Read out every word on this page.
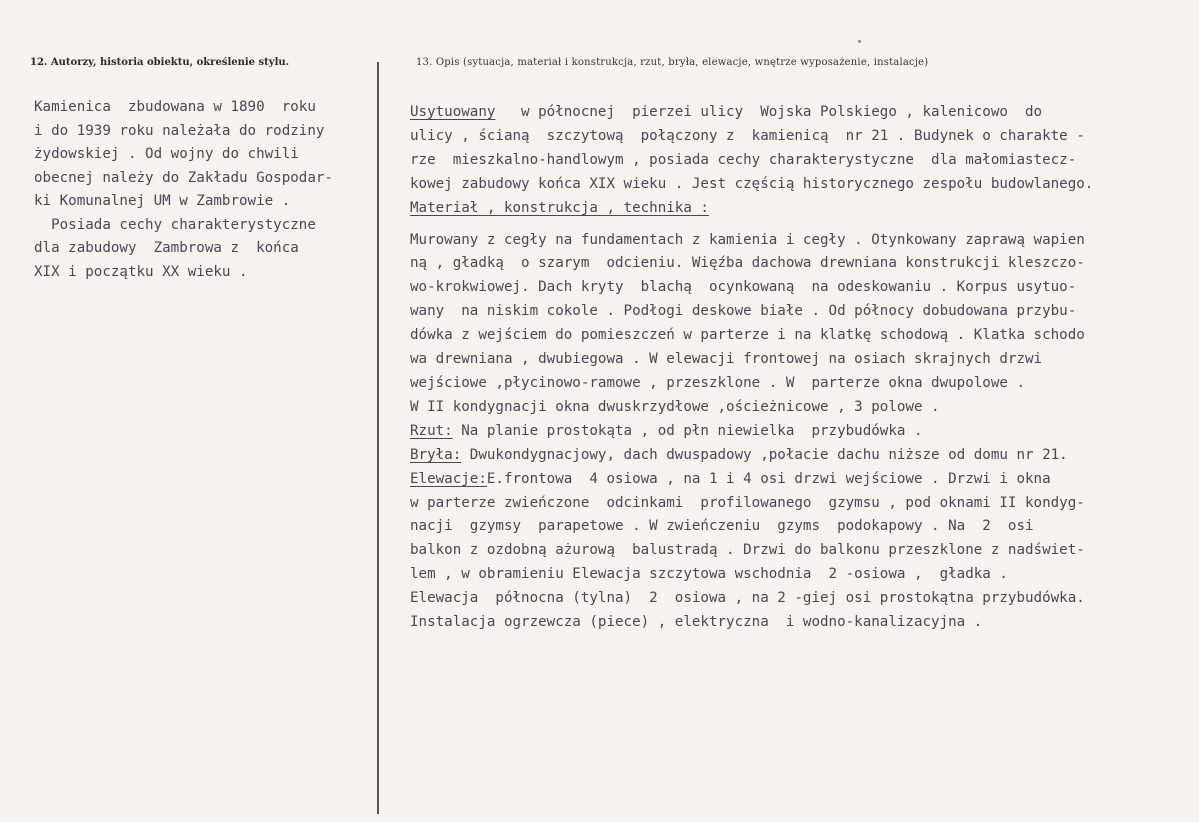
12. Autorzy, historia obiektu, określenie stylu.	13. Opis (sytuacja, materiał i konstrukcja, rzut, bryła, elewacje, wnętrze wyposażenie, instalacje)

Kamienica  zbudowana w 1890  roku

i do 1939 roku należała do rodziny

żydowskiej . Od wojny do chwili

obecnej należy do Zakładu Gospodar-

ki Komunalnej UM w Zambrowie .

Posiada cechy charakterystyczne

dla zabudowy  Zambrowa z  końca

XIX i początku XX wieku .

Usytuowany   w północnej  pierzei ulicy  Wojska Polskiego , kalenicowo  do

ulicy , ścianą  szczytową  połączony z  kamienicą  nr 21 . Budynek o charakte -

rze  mieszkalno-handlowym , posiada cechy charakterystyczne  dla małomiastecz-

kowej zabudowy końca XIX wieku . Jest częścią historycznego zespołu budowlanego.

Materiał , konstrukcja , technika :

Murowany z cegły na fundamentach z kamienia i cegły . Otynkowany zaprawą wapien

ną , gładką  o szarym  odcieniu. Więźba dachowa drewniana konstrukcji kleszczo-

wo-krokwiowej. Dach kryty  blachą  ocynkowaną  na odeskowaniu . Korpus usytuo-

wany  na niskim cokole . Podłogi deskowe białe . Od północy dobudowana przybu-

dówka z wejściem do pomieszczeń w parterze i na klatkę schodową . Klatka schodo

wa drewniana , dwubiegowa . W elewacji frontowej na osiach skrajnych drzwi

wejściowe ,płycinowo-ramowe , przeszklone . W  parterze okna dwupolowe .

W II kondygnacji okna dwuskrzydłowe ,ościeżnicowe , 3 polowe .

Rzut: Na planie prostokąta , od płn niewielka  przybudówka .

Bryła: Dwukondygnacjowy, dach dwuspadowy ,połacie dachu niższe od domu nr 21.

Elewacje:E.frontowa  4 osiowa , na 1 i 4 osi drzwi wejściowe . Drzwi i okna

w parterze zwieńczone  odcinkami  profilowanego  gzymsu , pod oknami II kondyg-

nacji  gzymsy  parapetowe . W zwieńczeniu  gzyms  podokapowy . Na  2  osi

balkon z ozdobną ażurową  balustradą . Drzwi do balkonu przeszklone z nadświet-

lem , w obramieniu Elewacja szczytowa wschodnia  2 -osiowa ,  gładka .

Elewacja  północna (tylna)  2  osiowa , na 2 -giej osi prostokątna przybudówka.

Instalacja ogrzewcza (piece) , elektryczna  i wodno-kanalizacyjna .
